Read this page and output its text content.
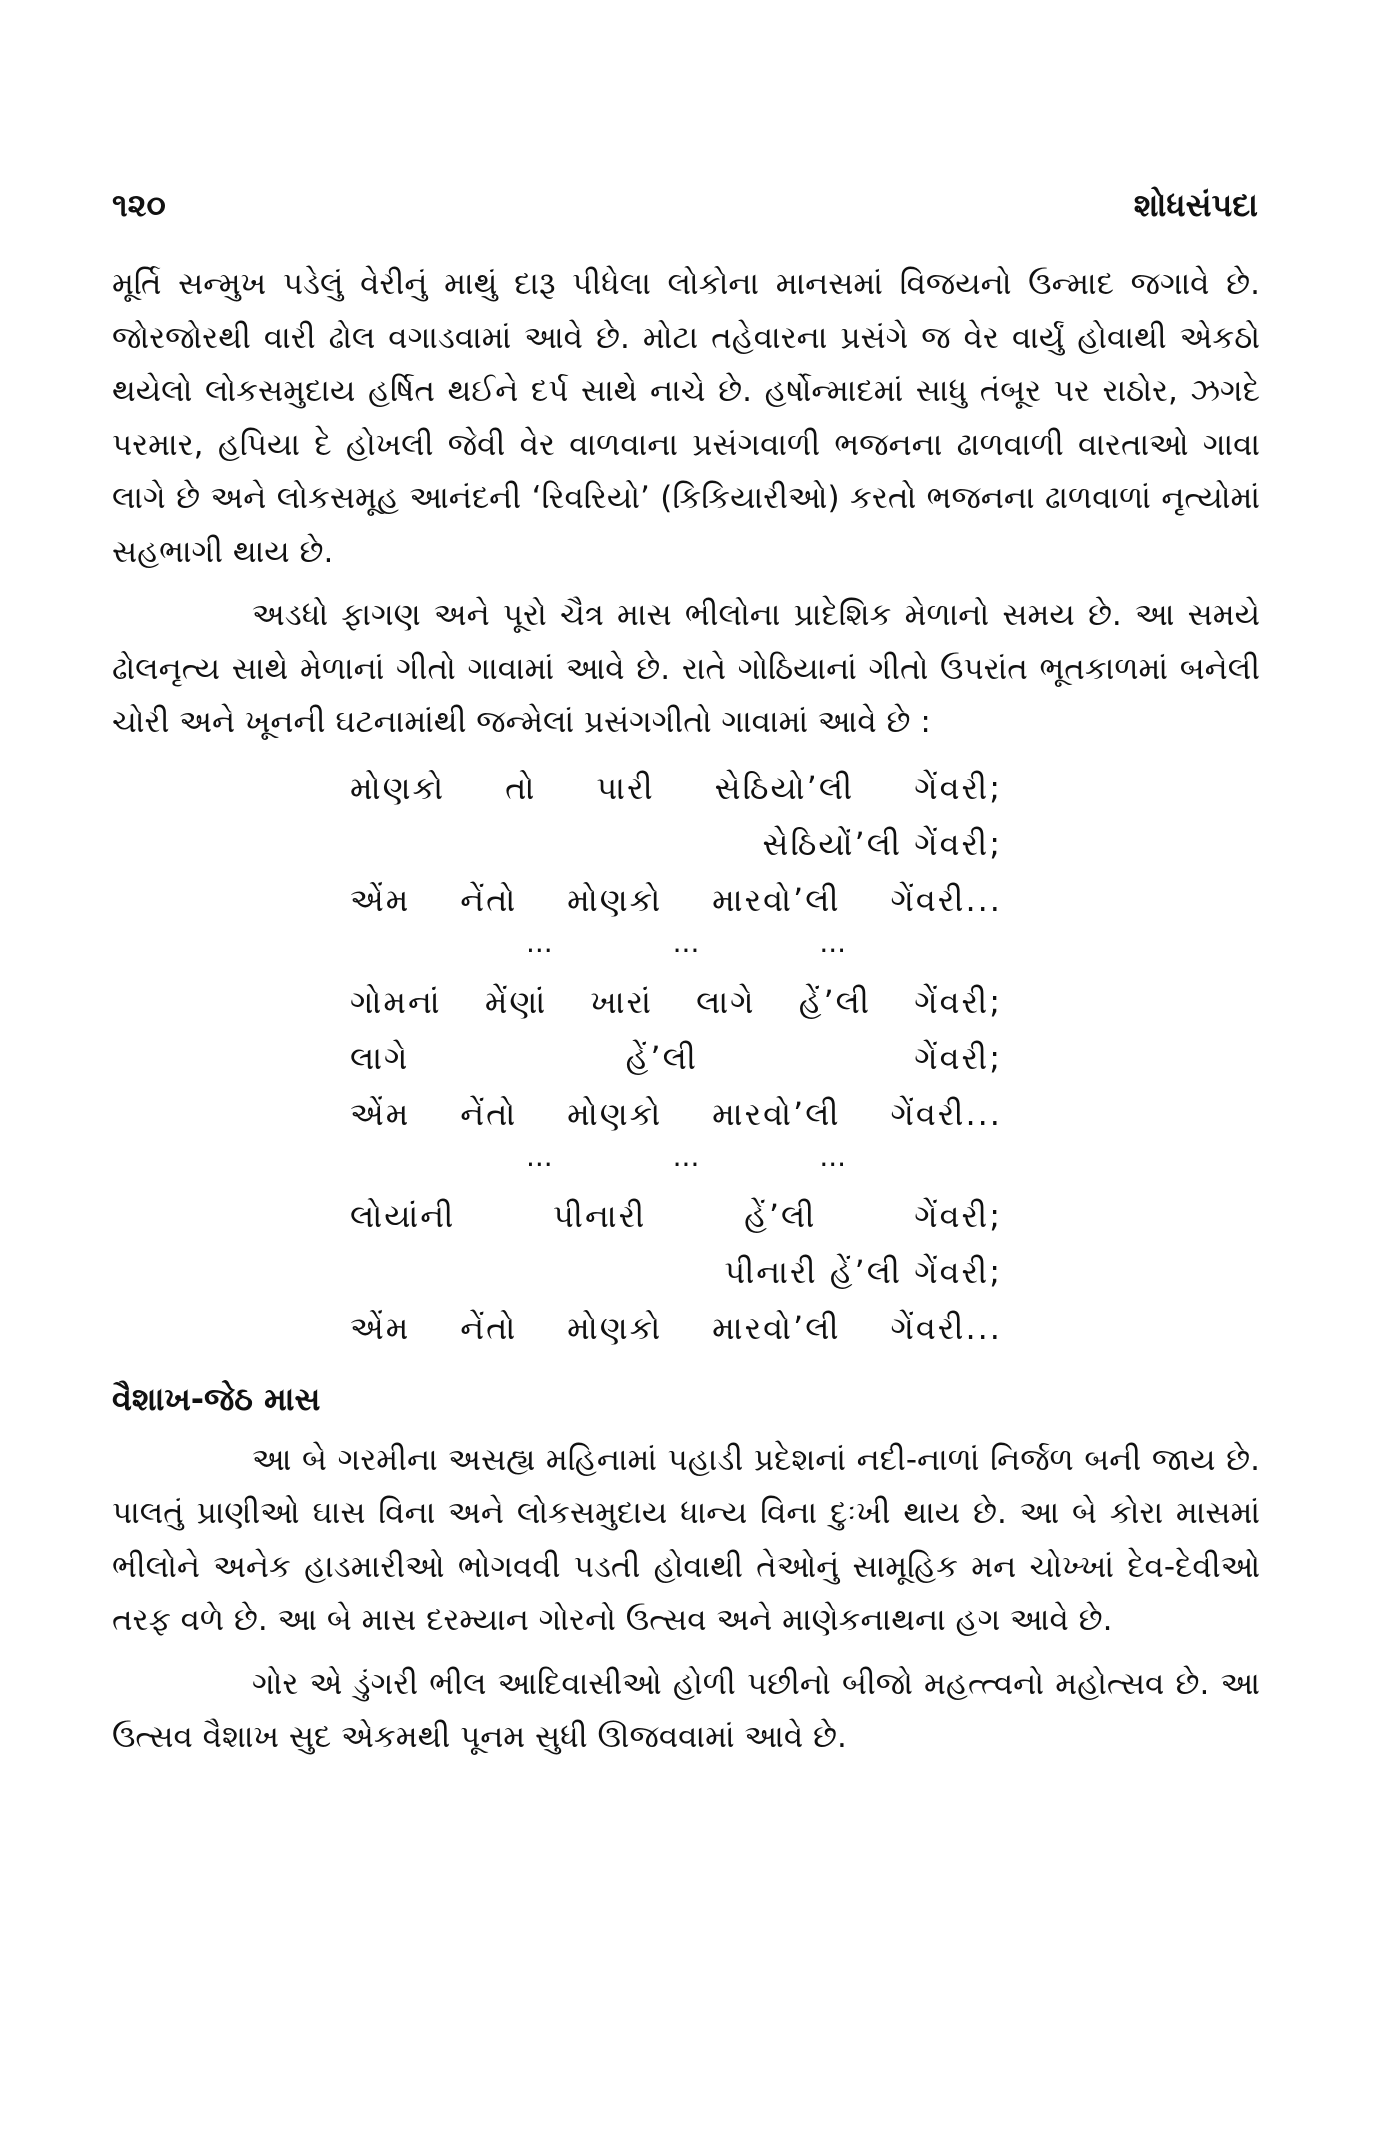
૧૨૦	શોધસંપદા

મૂર્તિ સન્મુખ પડેલું વેરીનું માથું દારૂ પીધેલા લોકોના માનસમાં વિજયનો ઉન્માદ જગાવે છે. જોરજોરથી વારી ઢોલ વગાડવામાં આવે છે. મોટા તહેવારના પ્રસંગે જ વેર વાર્યું હોવાથી એકઠો થયેલો લોકસમુદાય હર્ષિત થઈને દર્પ સાથે નાચે છે. હર્ષોન્માદમાં સાધુ તંબૂર પર રાઠોર, ઝગદે પરમાર, હપિયા દે હોખલી જેવી વેર વાળવાના પ્રસંગવાળી ભજનના ઢાળવાળી વારતાઓ ગાવા લાગે છે અને લોકસમૂહ આનંદની ‘રિવરિયો’ (કિકિયારીઓ) કરતો ભજનના ઢાળવાળાં નૃત્યોમાં સહભાગી થાય છે.

અડધો ફાગણ અને પૂરો ચૈત્ર માસ ભીલોના પ્રાદેશિક મેળાનો સમય છે. આ સમયે ઢોલનૃત્ય સાથે મેળાનાં ગીતો ગાવામાં આવે છે. રાતે ગોઠિયાનાં ગીતો ઉપરાંત ભૂતકાળમાં બનેલી ચોરી અને ખૂનની ઘટનામાંથી જન્મેલાં પ્રસંગગીતો ગાવામાં આવે છે :

મોણકો તો પારી સેઠિયો’લી ગેંવરી;
સેઠિયોં’લી ગેંવરી;
એંમ નેંતો મોણકો મારવો’લી ગેંવરી...
...	...	...
ગોમનાં મેંણાં ખારાં લાગે હેં’લી ગેંવરી;
લાગે	હેં’લી	ગેંવરી;
એંમ નેંતો મોણકો મારવો’લી ગેંવરી...
...	...	...
લોયાંની	પીનારી	હેં’લી	ગેંવરી;
પીનારી હેં’લી ગેંવરી;
એંમ નેંતો મોણકો મારવો’લી ગેંવરી...
વૈશાખ-જેઠ માસ

આ બે ગરમીના અસહ્ય મહિનામાં પહાડી પ્રદેશનાં નદી-નાળાં નિર્જળ બની જાય છે. પાલતું પ્રાણીઓ ઘાસ વિના અને લોકસમુદાય ધાન્ય વિના દુઃખી થાય છે. આ બે કોરા માસમાં ભીલોને અનેક હાડમારીઓ ભોગવવી પડતી હોવાથી તેઓનું સામૂહિક મન ચોખ્ખાં દેવ-દેવીઓ તરફ વળે છે. આ બે માસ દરમ્યાન ગોરનો ઉત્સવ અને માણેકનાથના હગ આવે છે.

ગોર એ ડુંગરી ભીલ આદિવાસીઓ હોળી પછીનો બીજો મહત્ત્વનો મહોત્સવ છે. આ ઉત્સવ વૈશાખ સુદ એકમથી પૂનમ સુધી ઊજવવામાં આવે છે.
